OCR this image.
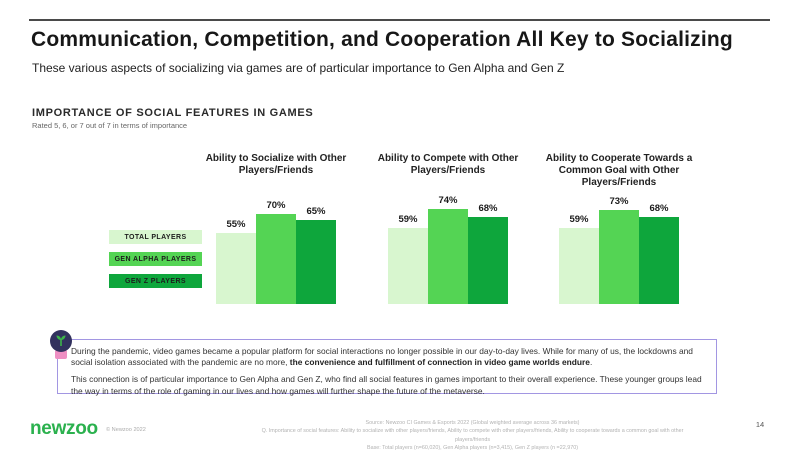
Communication, Competition, and Cooperation All Key to Socializing
These various aspects of socializing via games are of particular importance to Gen Alpha and Gen Z
IMPORTANCE OF SOCIAL FEATURES IN GAMES
Rated 5, 6, or 7 out of 7 in terms of importance
TOTAL PLAYERS
GEN ALPHA PLAYERS
GEN Z PLAYERS
Ability to Socialize with Other Players/Friends
55%
70%
65%
Ability to Compete with Other Players/Friends
59%
74%
68%
Ability to Cooperate Towards a Common Goal with Other Players/Friends
59%
73%
68%

During the pandemic, video games became a popular platform for social interactions no longer possible in our day-to-day lives. While for many of us, the lockdowns and social isolation associated with the pandemic are no more, the convenience and fulfillment of connection in video game worlds endure.

This connection is of particular importance to Gen Alpha and Gen Z, who find all social features in games important to their overall experience. These younger groups lead the way in terms of the role of gaming in our lives and how games will further shape the future of the metaverse.

newzoo © Newzoo 2022
Source: Newzoo CI Games & Esports 2022 (Global weighted average across 36 markets)
Q. Importance of social features: Ability to socialize with other players/friends, Ability to compete with other players/friends, Ability to cooperate towards a common goal with other players/friends
Base: Total players (n=60,020), Gen Alpha players (n=3,415), Gen Z players (n =22,970)
14
